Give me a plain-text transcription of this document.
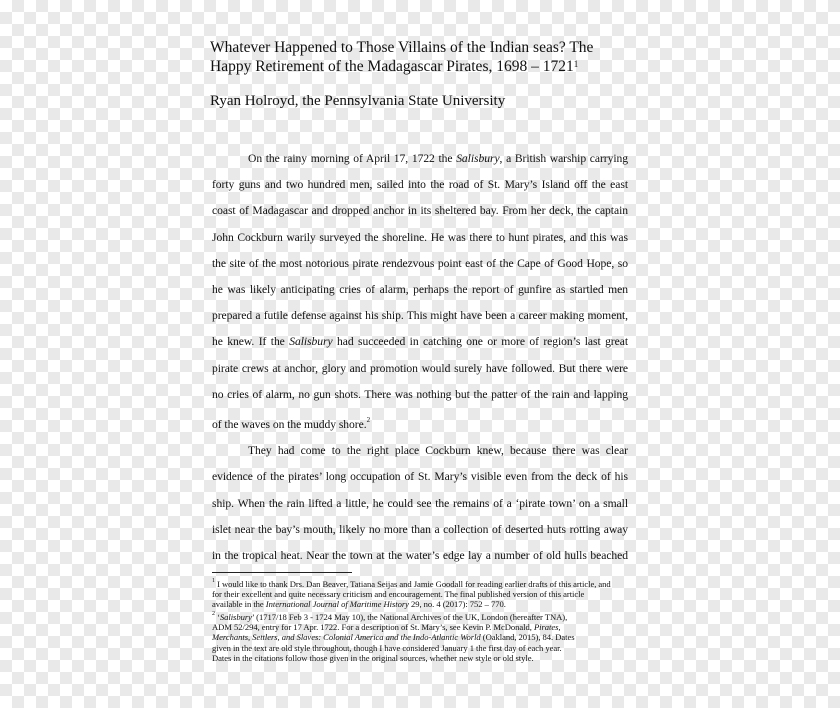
Whatever Happened to Those Villains of the Indian seas? The Happy Retirement of the Madagascar Pirates, 1698 – 1721$^1$
Ryan Holroyd, the Pennsylvania State University
On the rainy morning of April 17, 1722 the Salisbury, a British warship carrying
forty guns and two hundred men, sailed into the road of St. Mary’s Island off the east
coast of Madagascar and dropped anchor in its sheltered bay. From her deck, the captain
John Cockburn warily surveyed the shoreline. He was there to hunt pirates, and this was
the site of the most notorious pirate rendezvous point east of the Cape of Good Hope, so
he was likely anticipating cries of alarm, perhaps the report of gunfire as startled men
prepared a futile defense against his ship. This might have been a career making moment,
he knew. If the Salisbury had succeeded in catching one or more of region’s last great
pirate crews at anchor, glory and promotion would surely have followed. But there were
no cries of alarm, no gun shots. There was nothing but the patter of the rain and lapping
of the waves on the muddy shore.$^2$
They had come to the right place Cockburn knew, because there was clear
evidence of the pirates’ long occupation of St. Mary’s visible even from the deck of his
ship. When the rain lifted a little, he could see the remains of a ‘pirate town’ on a small
islet near the bay’s mouth, likely no more than a collection of deserted huts rotting away
in the tropical heat. Near the town at the water’s edge lay a number of old hulls beached
$^1$ I would like to thank Drs. Dan Beaver, Tatiana Seijas and Jamie Goodall for reading earlier drafts of this article, and
for their excellent and quite necessary criticism and encouragement. The final published version of this article
available in the International Journal of Maritime History 29, no. 4 (2017): 752 – 770.
$^2$ ‘Salisbury’ (1717/18 Feb 3 - 1724 May 10), the National Archives of the UK, London (hereafter TNA),
ADM 52/294, entry for 17 Apr. 1722. For a description of St. Mary’s, see Kevin P. McDonald, Pirates,
Merchants, Settlers, and Slaves: Colonial America and the Indo-Atlantic World (Oakland, 2015), 84. Dates
given in the text are old style throughout, though I have considered January 1 the first day of each year.
Dates in the citations follow those given in the original sources, whether new style or old style.
